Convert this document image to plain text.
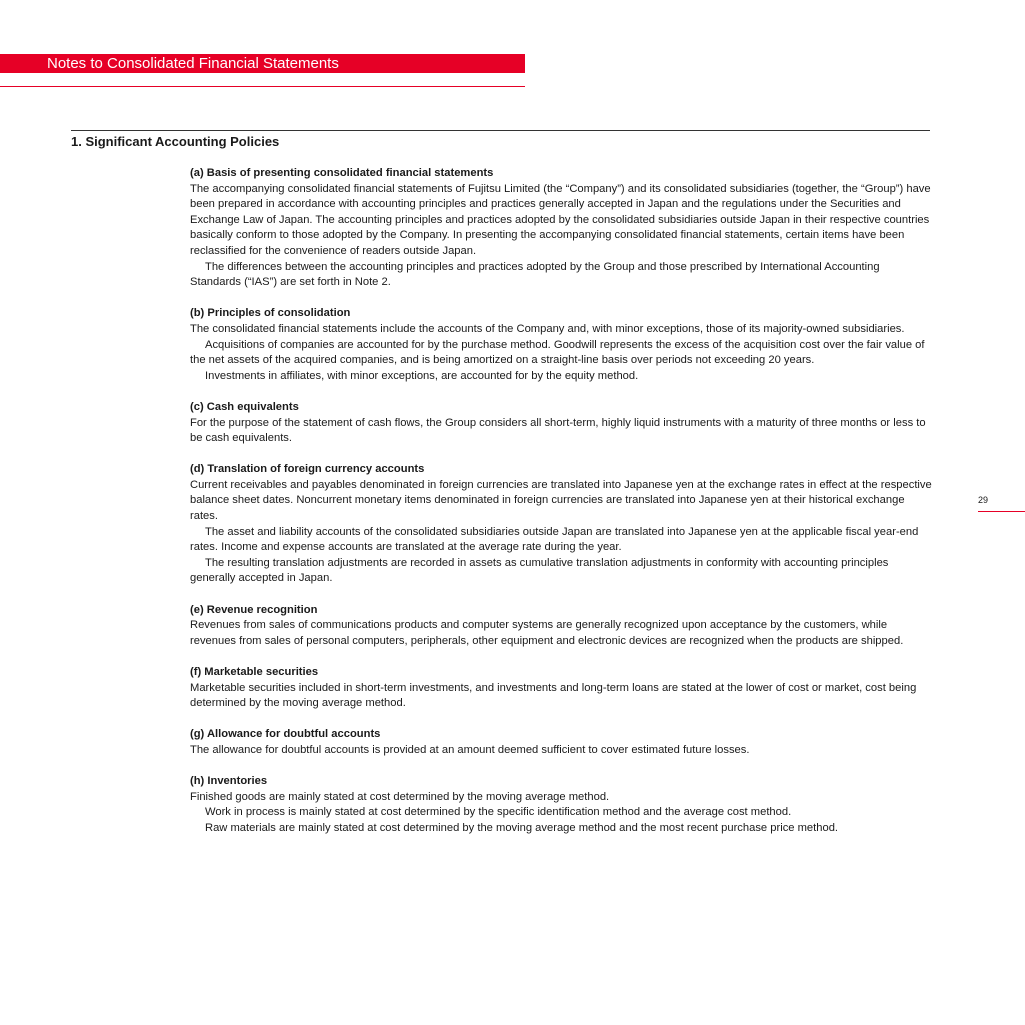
Notes to Consolidated Financial Statements
1. Significant Accounting Policies
(a) Basis of presenting consolidated financial statements

The accompanying consolidated financial statements of Fujitsu Limited (the “Company”) and its consolidated subsidiaries (together, the “Group”) have been prepared in accordance with accounting principles and practices generally accepted in Japan and the regulations under the Securities and Exchange Law of Japan. The accounting principles and practices adopted by the consolidated subsidiaries outside Japan in their respective countries basically conform to those adopted by the Company. In presenting the accompanying consolidated financial statements, certain items have been reclassified for the convenience of readers outside Japan.

The differences between the accounting principles and practices adopted by the Group and those prescribed by International Accounting Standards (“IAS”) are set forth in Note 2.

(b) Principles of consolidation

The consolidated financial statements include the accounts of the Company and, with minor exceptions, those of its majority-owned subsidiaries.

Acquisitions of companies are accounted for by the purchase method. Goodwill represents the excess of the acquisition cost over the fair value of the net assets of the acquired companies, and is being amortized on a straight-line basis over periods not exceeding 20 years.

Investments in affiliates, with minor exceptions, are accounted for by the equity method.

(c) Cash equivalents

For the purpose of the statement of cash flows, the Group considers all short-term, highly liquid instruments with a maturity of three months or less to be cash equivalents.

(d) Translation of foreign currency accounts

Current receivables and payables denominated in foreign currencies are translated into Japanese yen at the exchange rates in effect at the respective balance sheet dates. Noncurrent monetary items denominated in foreign currencies are translated into Japanese yen at their historical exchange rates.

The asset and liability accounts of the consolidated subsidiaries outside Japan are translated into Japanese yen at the applicable fiscal year-end rates. Income and expense accounts are translated at the average rate during the year.

The resulting translation adjustments are recorded in assets as cumulative translation adjustments in conformity with accounting principles generally accepted in Japan.

(e) Revenue recognition

Revenues from sales of communications products and computer systems are generally recognized upon acceptance by the customers, while revenues from sales of personal computers, peripherals, other equipment and electronic devices are recognized when the products are shipped.

(f) Marketable securities

Marketable securities included in short-term investments, and investments and long-term loans are stated at the lower of cost or market, cost being determined by the moving average method.

(g) Allowance for doubtful accounts

The allowance for doubtful accounts is provided at an amount deemed sufficient to cover estimated future losses.

(h) Inventories

Finished goods are mainly stated at cost determined by the moving average method.

Work in process is mainly stated at cost determined by the specific identification method and the average cost method.

Raw materials are mainly stated at cost determined by the moving average method and the most recent purchase price method.

29
